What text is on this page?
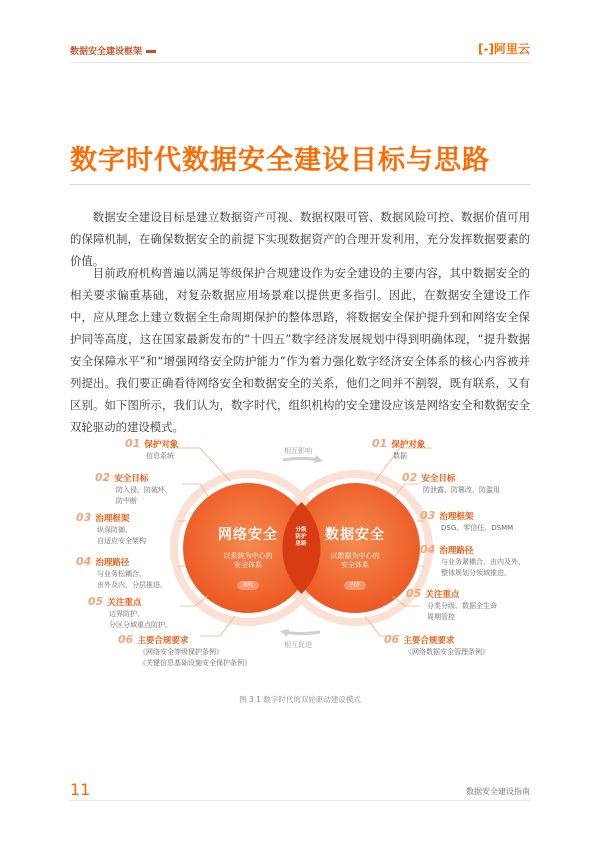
数据安全建设框架	[-]阿里云
数字时代数据安全建设目标与思路
数据安全建设目标是建立数据资产可视、数据权限可管、数据风险可控、数据价值可用的保障机制，在确保数据安全的前提下实现数据资产的合理开发利用，充分发挥数据要素的价值。
目前政府机构普遍以满足等级保护合规建设作为安全建设的主要内容，其中数据安全的相关要求偏重基础，对复杂数据应用场景难以提供更多指引。因此，在数据安全建设工作中，应从理念上建立数据全生命周期保护的整体思路，将数据安全保护提升到和网络安全保护同等高度，这在国家最新发布的“十四五”数字经济发展规划中得到明确体现，“提升数据安全保障水平”和“增强网络安全防护能力”作为着力强化数字经济安全体系的核心内容被并列提出。我们要正确看待网络安全和数据安全的关系，他们之间并不割裂，既有联系，又有区别。如下图所示，我们认为，数字时代，组织机构的安全建设应该是网络安全和数据安全双轮驱动的建设模式。
相互影响
相互促进
网络安全
以系统为中心的
安全体系
接收
数据安全
以数据为中心的
安全体系
内容
分级
防护
思路
01 保护对象
信息系统
02 安全目标
防入侵、防破坏、
防中断
03 治理框架
纵深防御、
自适应安全架构
04 治理路径
与业务松耦合、
由外及内，分层推进。
05 关注重点
边界防护、
分区分域重点防护。
06 主要合规要求
《网络安全等级保护条例》
《关键信息基础设施安全保护条例》
01 保护对象
数据
02 安全目标
防泄露、防篡改、防滥用
03 治理框架
DSG、零信任、DSMM
04 治理路径
与业务紧耦合、由内及外、
整体规划分领域推进。
05 关注重点
分类分级、数据全生命
周期管控
06 主要合规要求
《网络数据安全管理条例》
图 3.1 数字时代的双轮驱动建设模式
11	数据安全建设指南
